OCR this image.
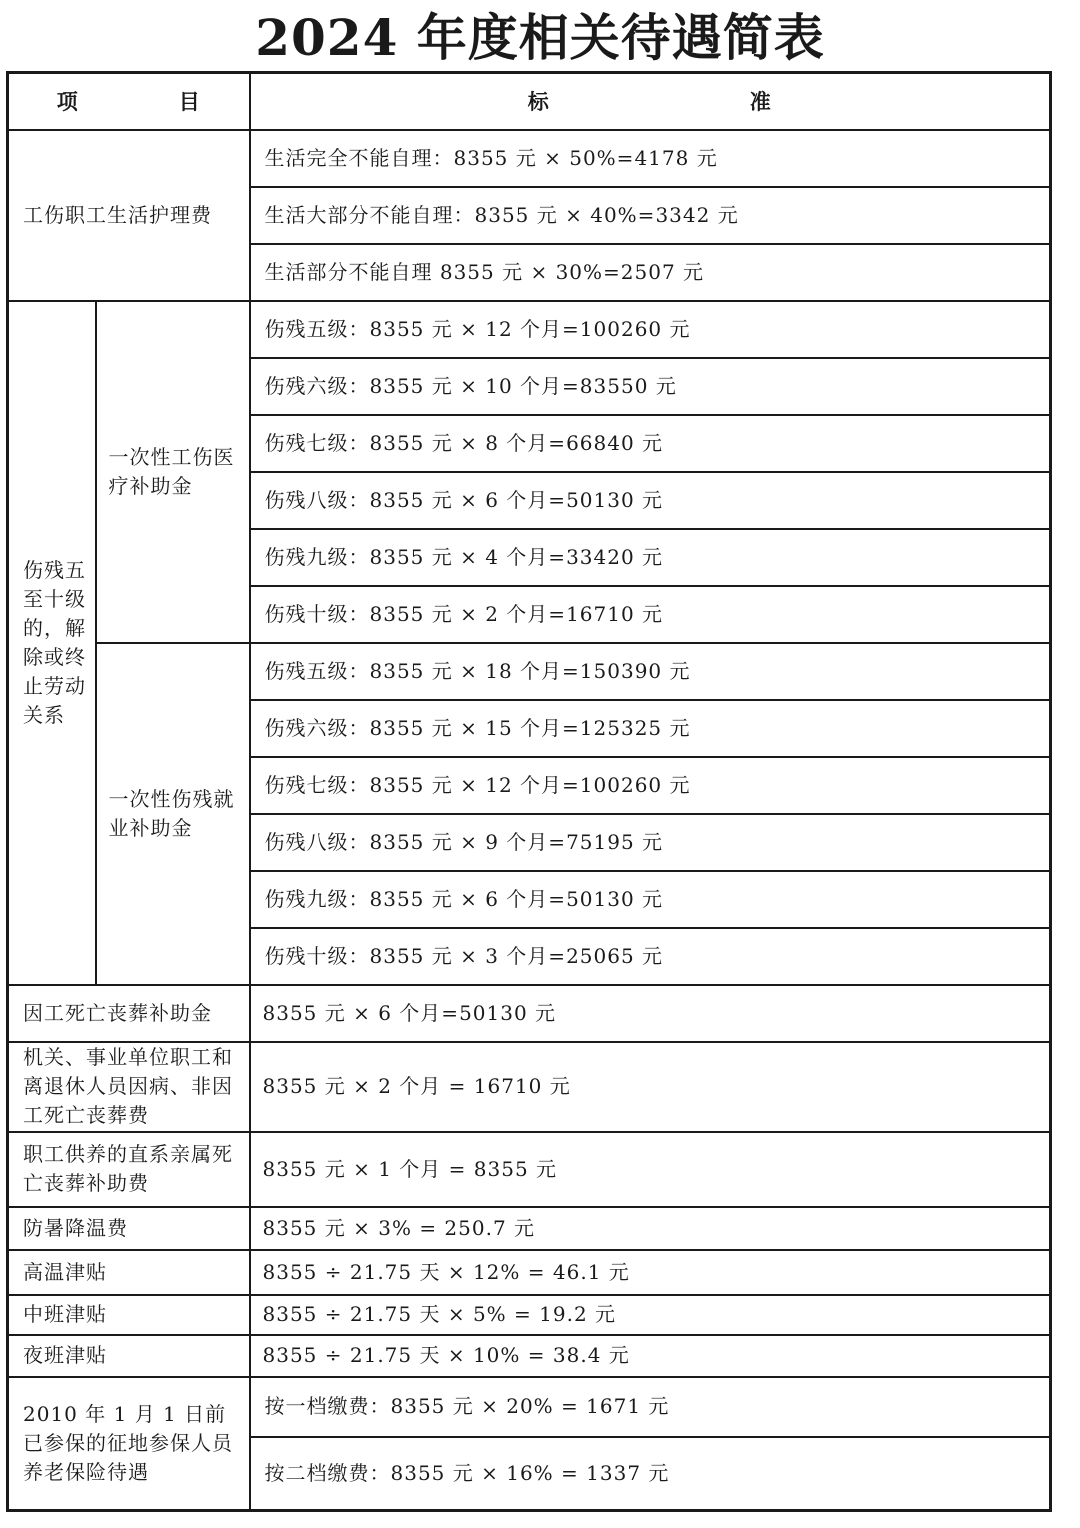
2024 年度相关待遇简表
项 目		标 准
工伤职工生活护理费		生活完全不能自理：8355 元 × 50%=4178 元
		生活大部分不能自理：8355 元 × 40%=3342 元
		生活部分不能自理 8355 元 × 30%=2507 元
伤残五至十级的，解除或终止劳动关系	一次性工伤医疗补助金	伤残五级：8355 元 × 12 个月=100260 元
		伤残六级：8355 元 × 10 个月=83550 元
		伤残七级：8355 元 × 8 个月=66840 元
		伤残八级：8355 元 × 6 个月=50130 元
		伤残九级：8355 元 × 4 个月=33420 元
		伤残十级：8355 元 × 2 个月=16710 元
	一次性伤残就业补助金	伤残五级：8355 元 × 18 个月=150390 元
		伤残六级：8355 元 × 15 个月=125325 元
		伤残七级：8355 元 × 12 个月=100260 元
		伤残八级：8355 元 × 9 个月=75195 元
		伤残九级：8355 元 × 6 个月=50130 元
		伤残十级：8355 元 × 3 个月=25065 元
因工死亡丧葬补助金		8355 元 × 6 个月=50130 元
机关、事业单位职工和离退休人员因病、非因工死亡丧葬费		8355 元 × 2 个月 = 16710 元
职工供养的直系亲属死亡丧葬补助费		8355 元 × 1 个月 = 8355 元
防暑降温费		8355 元 × 3% = 250.7 元
高温津贴		8355 ÷ 21.75 天 × 12% = 46.1 元
中班津贴		8355 ÷ 21.75 天 × 5% = 19.2 元
夜班津贴		8355 ÷ 21.75 天 × 10% = 38.4 元
2010 年 1 月 1 日前已参保的征地参保人员养老保险待遇		按一档缴费：8355 元 × 20% = 1671 元
		按二档缴费：8355 元 × 16% = 1337 元
